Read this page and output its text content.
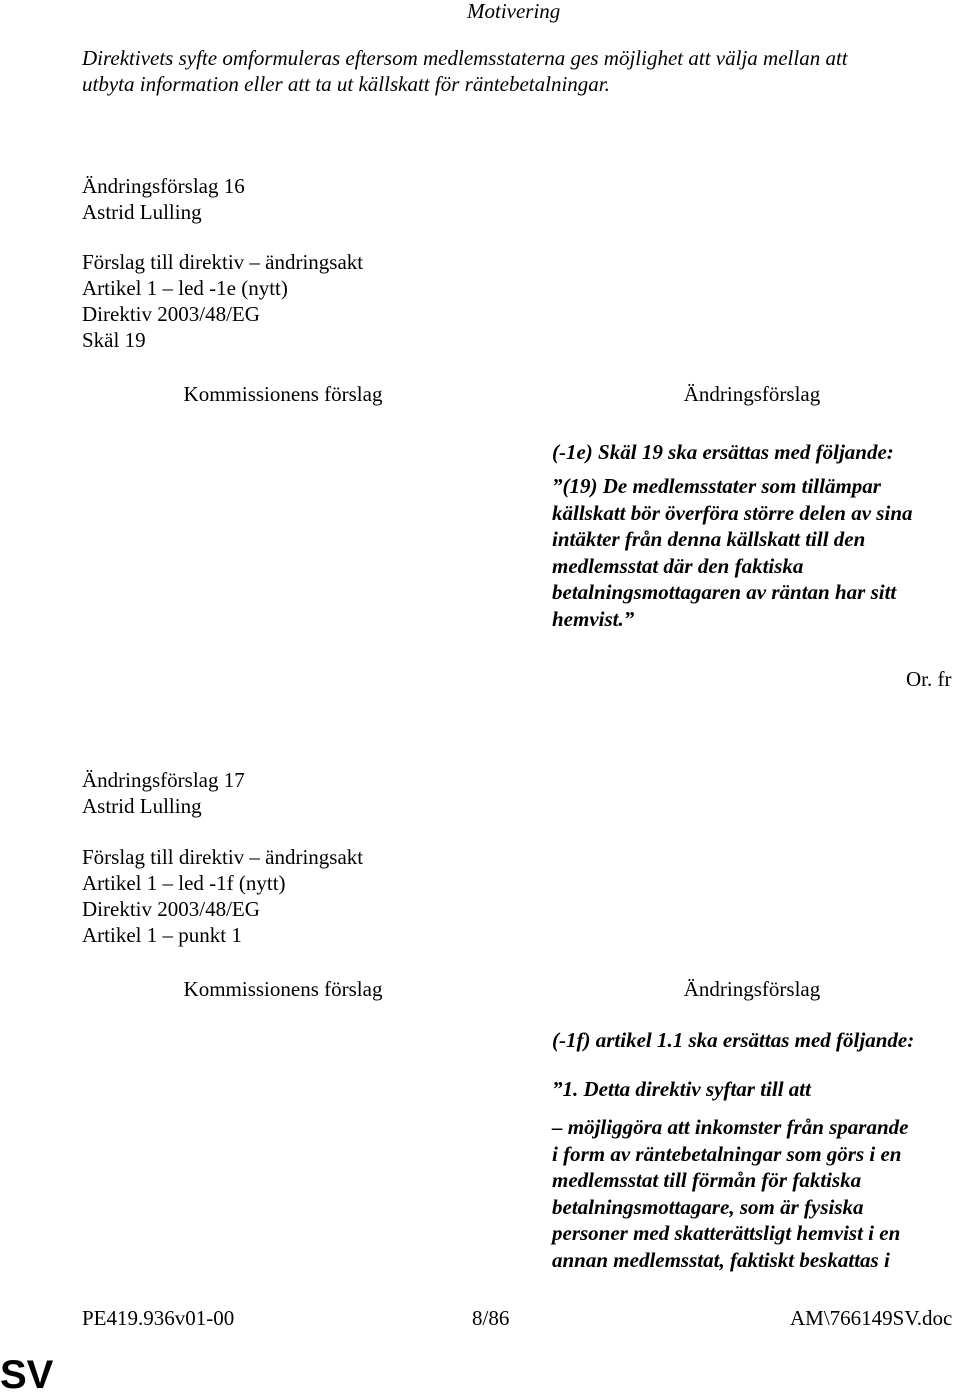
Motivering
Direktivets syfte omformuleras eftersom medlemsstaterna ges möjlighet att välja mellan att
utbyta information eller att ta ut källskatt för räntebetalningar.
Ändringsförslag 16
Astrid Lulling
Förslag till direktiv – ändringsakt
Artikel 1 – led -1e (nytt)
Direktiv 2003/48/EG
Skäl 19
Kommissionens förslag	Ändringsförslag
(-1e) Skäl 19 ska ersättas med följande:
”(19) De medlemsstater som tillämpar
källskatt bör överföra större delen av sina
intäkter från denna källskatt till den
medlemsstat där den faktiska
betalningsmottagaren av räntan har sitt
hemvist.”
Or. fr
Ändringsförslag 17
Astrid Lulling
Förslag till direktiv – ändringsakt
Artikel 1 – led -1f (nytt)
Direktiv 2003/48/EG
Artikel 1 – punkt 1
Kommissionens förslag	Ändringsförslag
(-1f) artikel 1.1 ska ersättas med följande:
”1. Detta direktiv syftar till att
– möjliggöra att inkomster från sparande
i form av räntebetalningar som görs i en
medlemsstat till förmån för faktiska
betalningsmottagare, som är fysiska
personer med skatterättsligt hemvist i en
annan medlemsstat, faktiskt beskattas i
PE419.936v01-00	8/86	AM\766149SV.doc
SV
